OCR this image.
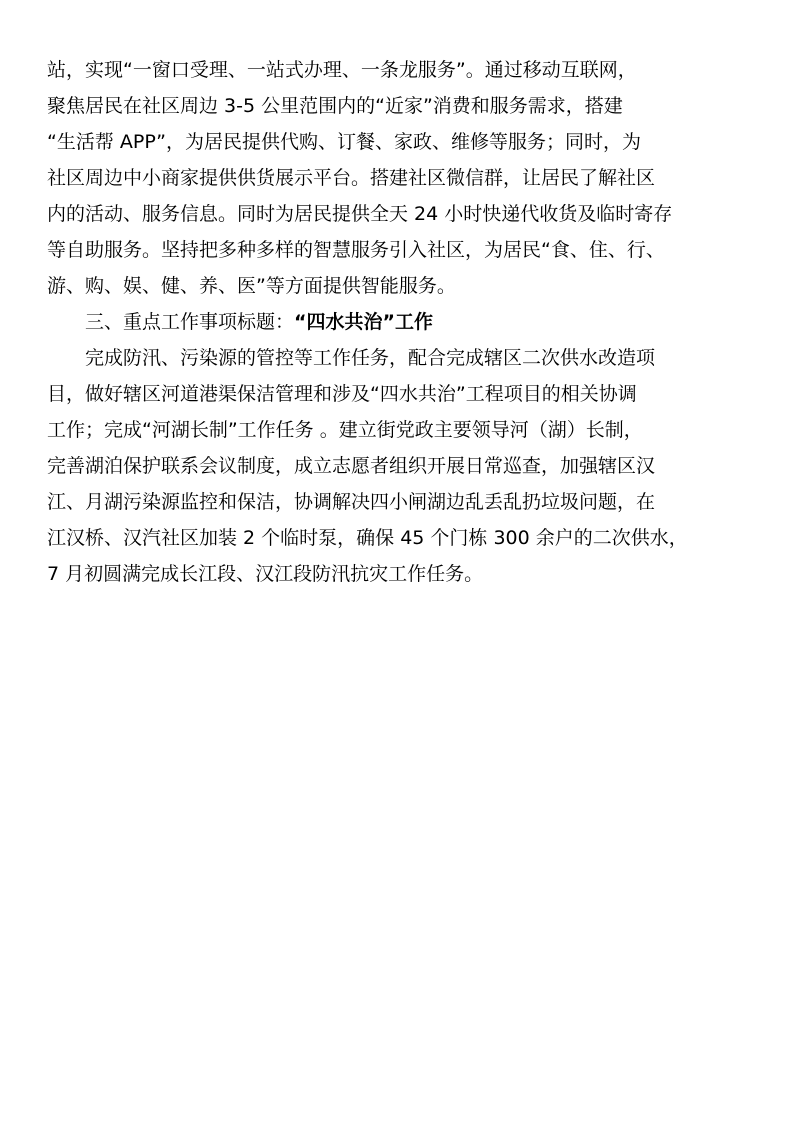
站，实现“一窗口受理、一站式办理、一条龙服务”。通过移动互联网，
聚焦居民在社区周边 3-5 公里范围内的“近家”消费和服务需求，搭建
“生活帮 APP”，为居民提供代购、订餐、家政、维修等服务；同时，为
社区周边中小商家提供供货展示平台。搭建社区微信群，让居民了解社区
内的活动、服务信息。同时为居民提供全天 24 小时快递代收货及临时寄存
等自助服务。坚持把多种多样的智慧服务引入社区，为居民“食、住、行、
游、购、娱、健、养、医”等方面提供智能服务。
三、重点工作事项标题：“四水共治”工作
完成防汛、污染源的管控等工作任务，配合完成辖区二次供水改造项
目，做好辖区河道港渠保洁管理和涉及“四水共治”工程项目的相关协调
工作；完成“河湖长制”工作任务 。建立街党政主要领导河（湖）长制，
完善湖泊保护联系会议制度，成立志愿者组织开展日常巡查，加强辖区汉
江、月湖污染源监控和保洁，协调解决四小闸湖边乱丢乱扔垃圾问题，在
江汉桥、汉汽社区加装 2 个临时泵，确保 45 个门栋 300 余户的二次供水，
7 月初圆满完成长江段、汉江段防汛抗灾工作任务。
